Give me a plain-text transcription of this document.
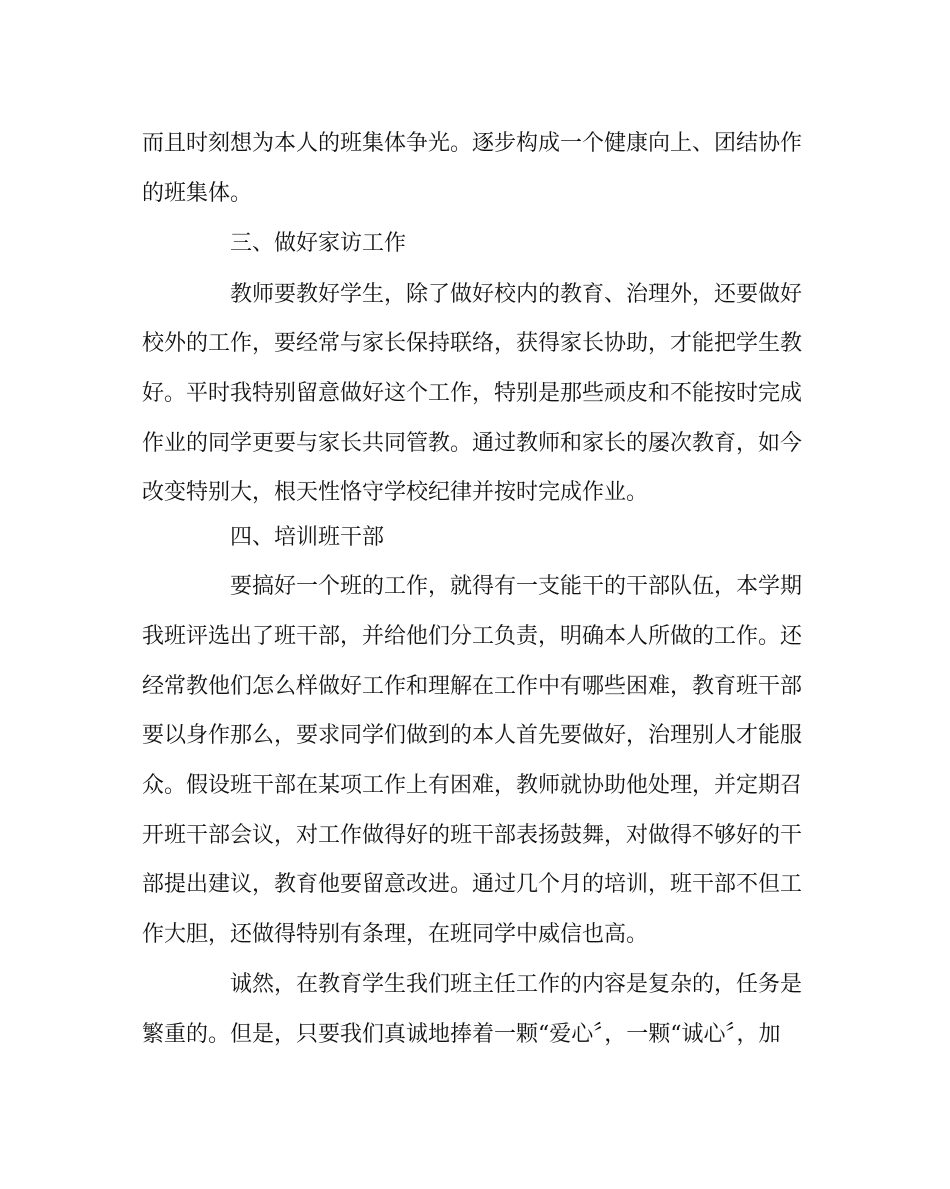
而且时刻想为本人的班集体争光。逐步构成一个健康向上、团结协作
的班集体。
三、做好家访工作
教师要教好学生，除了做好校内的教育、治理外，还要做好
校外的工作，要经常与家长保持联络，获得家长协助，才能把学生教
好。平时我特别留意做好这个工作，特别是那些顽皮和不能按时完成
作业的同学更要与家长共同管教。通过教师和家长的屡次教育，如今
改变特别大，根天性恪守学校纪律并按时完成作业。
四、培训班干部
要搞好一个班的工作，就得有一支能干的干部队伍，本学期
我班评选出了班干部，并给他们分工负责，明确本人所做的工作。还
经常教他们怎么样做好工作和理解在工作中有哪些困难，教育班干部
要以身作那么，要求同学们做到的本人首先要做好，治理别人才能服
众。假设班干部在某项工作上有困难，教师就协助他处理，并定期召
开班干部会议，对工作做得好的班干部表扬鼓舞，对做得不够好的干
部提出建议，教育他要留意改进。通过几个月的培训，班干部不但工
作大胆，还做得特别有条理，在班同学中威信也高。
诚然，在教育学生我们班主任工作的内容是复杂的，任务是
繁重的。但是，只要我们真诚地捧着一颗“爱心〞，一颗“诚心〞，加
